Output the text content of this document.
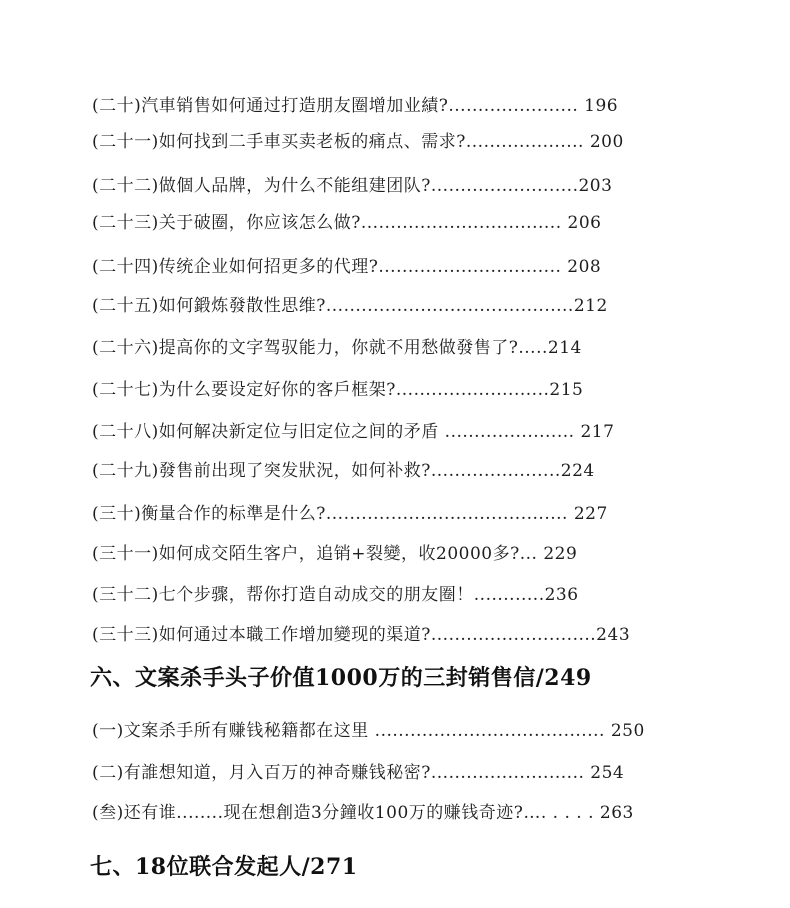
(二十)汽車销售如何通过打造朋友圈增加业績?...................... 196
(二十一)如何找到二手車买卖老板的痛点、需求?.................... 200
(二十二)做個人品牌，为什么不能组建团队?.........................203
(二十三)关于破圈，你应该怎么做?.................................. 206
(二十四)传统企业如何招更多的代理?............................... 208
(二十五)如何鍛炼發散性思维?..........................................212
(二十六)提高你的文字驾驭能力，你就不用愁做發售了?.....214
(二十七)为什么要设定好你的客戶框架?..........................215
(二十八)如何解决新定位与旧定位之间的矛盾 ...................... 217
(二十九)發售前出现了突发狀況，如何补救?......................224
(三十)衡量合作的标準是什么?......................................... 227
(三十一)如何成交陌生客户，追销+裂變，收20000多?... 229
(三十二)七个步骤，帮你打造自动成交的朋友圈！............236
(三十三)如何通过本職工作增加變现的渠道?............................243
六、文案杀手头子价值1000万的三封销售信/249
(一)文案杀手所有赚钱秘籍都在这里 ....................................... 250
(二)有誰想知道，月入百万的神奇赚钱秘密?.......................... 254
(叁)还有谁........现在想創造3分鐘收100万的赚钱奇迹?…. . . . . 263
七、18位联合发起人/271
